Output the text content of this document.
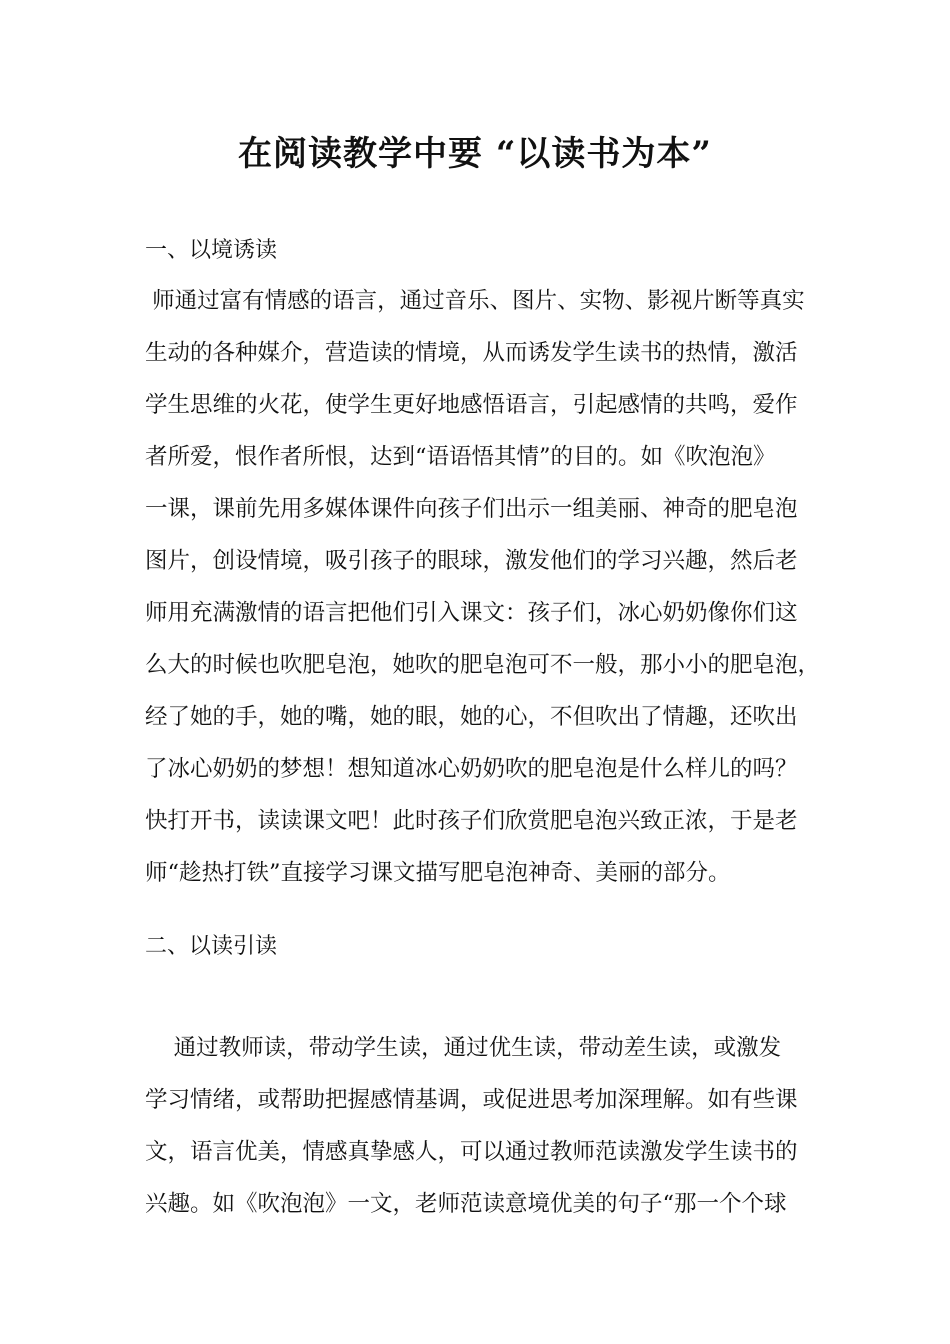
在阅读教学中要 “以读书为本”
一、以境诱读
师通过富有情感的语言，通过音乐、图片、实物、影视片断等真实
生动的各种媒介，营造读的情境，从而诱发学生读书的热情，激活
学生思维的火花，使学生更好地感悟语言，引起感情的共鸣，爱作
者所爱，恨作者所恨，达到“语语悟其情”的目的。如《吹泡泡》
一课，课前先用多媒体课件向孩子们出示一组美丽、神奇的肥皂泡
图片，创设情境，吸引孩子的眼球，激发他们的学习兴趣，然后老
师用充满激情的语言把他们引入课文：孩子们，冰心奶奶像你们这
么大的时候也吹肥皂泡，她吹的肥皂泡可不一般，那小小的肥皂泡，
经了她的手，她的嘴，她的眼，她的心，不但吹出了情趣，还吹出
了冰心奶奶的梦想！想知道冰心奶奶吹的肥皂泡是什么样儿的吗？
快打开书，读读课文吧！此时孩子们欣赏肥皂泡兴致正浓，于是老
师“趁热打铁”直接学习课文描写肥皂泡神奇、美丽的部分。
二、以读引读
通过教师读，带动学生读，通过优生读，带动差生读，或激发
学习情绪，或帮助把握感情基调，或促进思考加深理解。如有些课
文，语言优美，情感真挚感人，可以通过教师范读激发学生读书的
兴趣。如《吹泡泡》一文，老师范读意境优美的句子“那一个个球
